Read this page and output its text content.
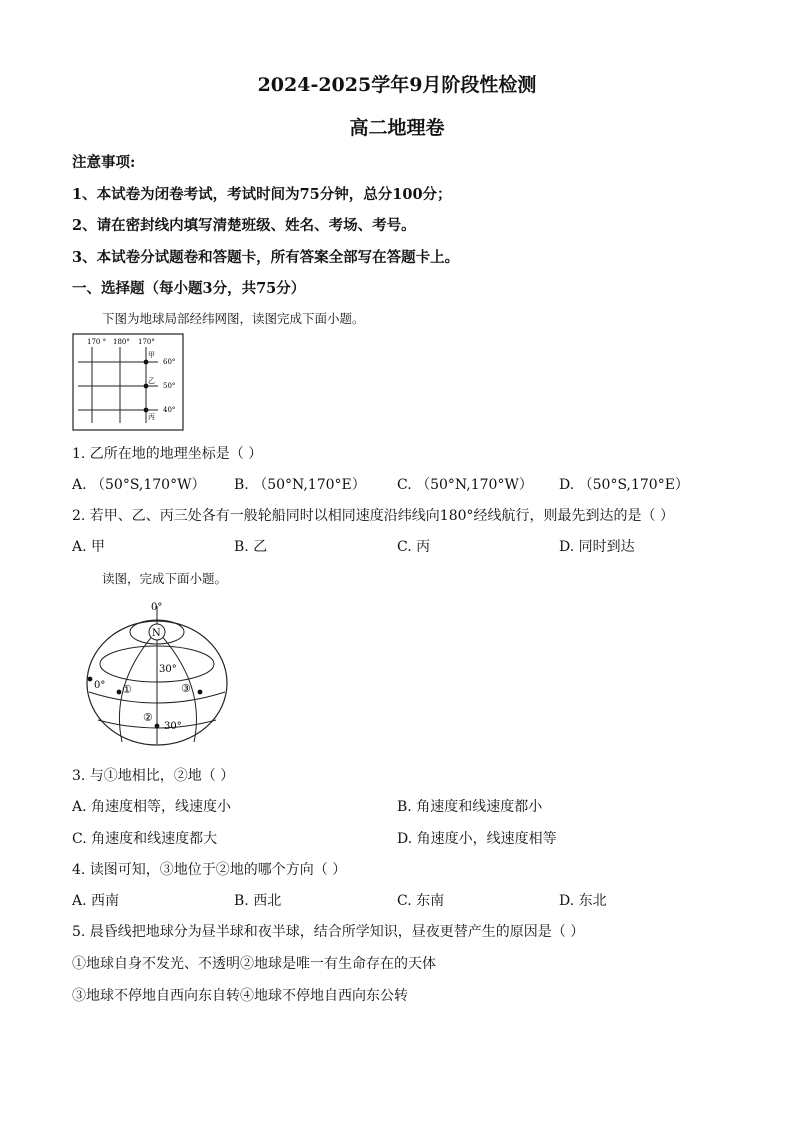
2024-2025学年9月阶段性检测
高二地理卷
注意事项:
1、本试卷为闭卷考试，考试时间为75分钟，总分100分；
2、请在密封线内填写清楚班级、姓名、考场、考号。
3、本试卷分试题卷和答题卡，所有答案全部写在答题卡上。
一、选择题（每小题3分，共75分）
下图为地球局部经纬网图，读图完成下面小题。
170 ° 180° 170°
60°
50°
40°
甲
乙
丙
1. 乙所在地的地理坐标是（ ）
A. （50°S,170°W） B. （50°N,170°E） C. （50°N,170°W） D. （50°S,170°E）
2. 若甲、乙、丙三处各有一般轮船同时以相同速度沿纬线向180°经线航行，则最先到达的是（ ）
A. 甲	B. 乙	C. 丙	D. 同时到达
读图，完成下面小题。
0°
N
30°
0° ①	③
②
30°
3. 与①地相比，②地（ ）
A. 角速度相等，线速度小	B. 角速度和线速度都小
C. 角速度和线速度都大	D. 角速度小，线速度相等
4. 读图可知，③地位于②地的哪个方向（ ）
A. 西南	B. 西北	C. 东南	D. 东北
5. 晨昏线把地球分为昼半球和夜半球，结合所学知识，昼夜更替产生的原因是（ ）
①地球自身不发光、不透明②地球是唯一有生命存在的天体
③地球不停地自西向东自转④地球不停地自西向东公转
